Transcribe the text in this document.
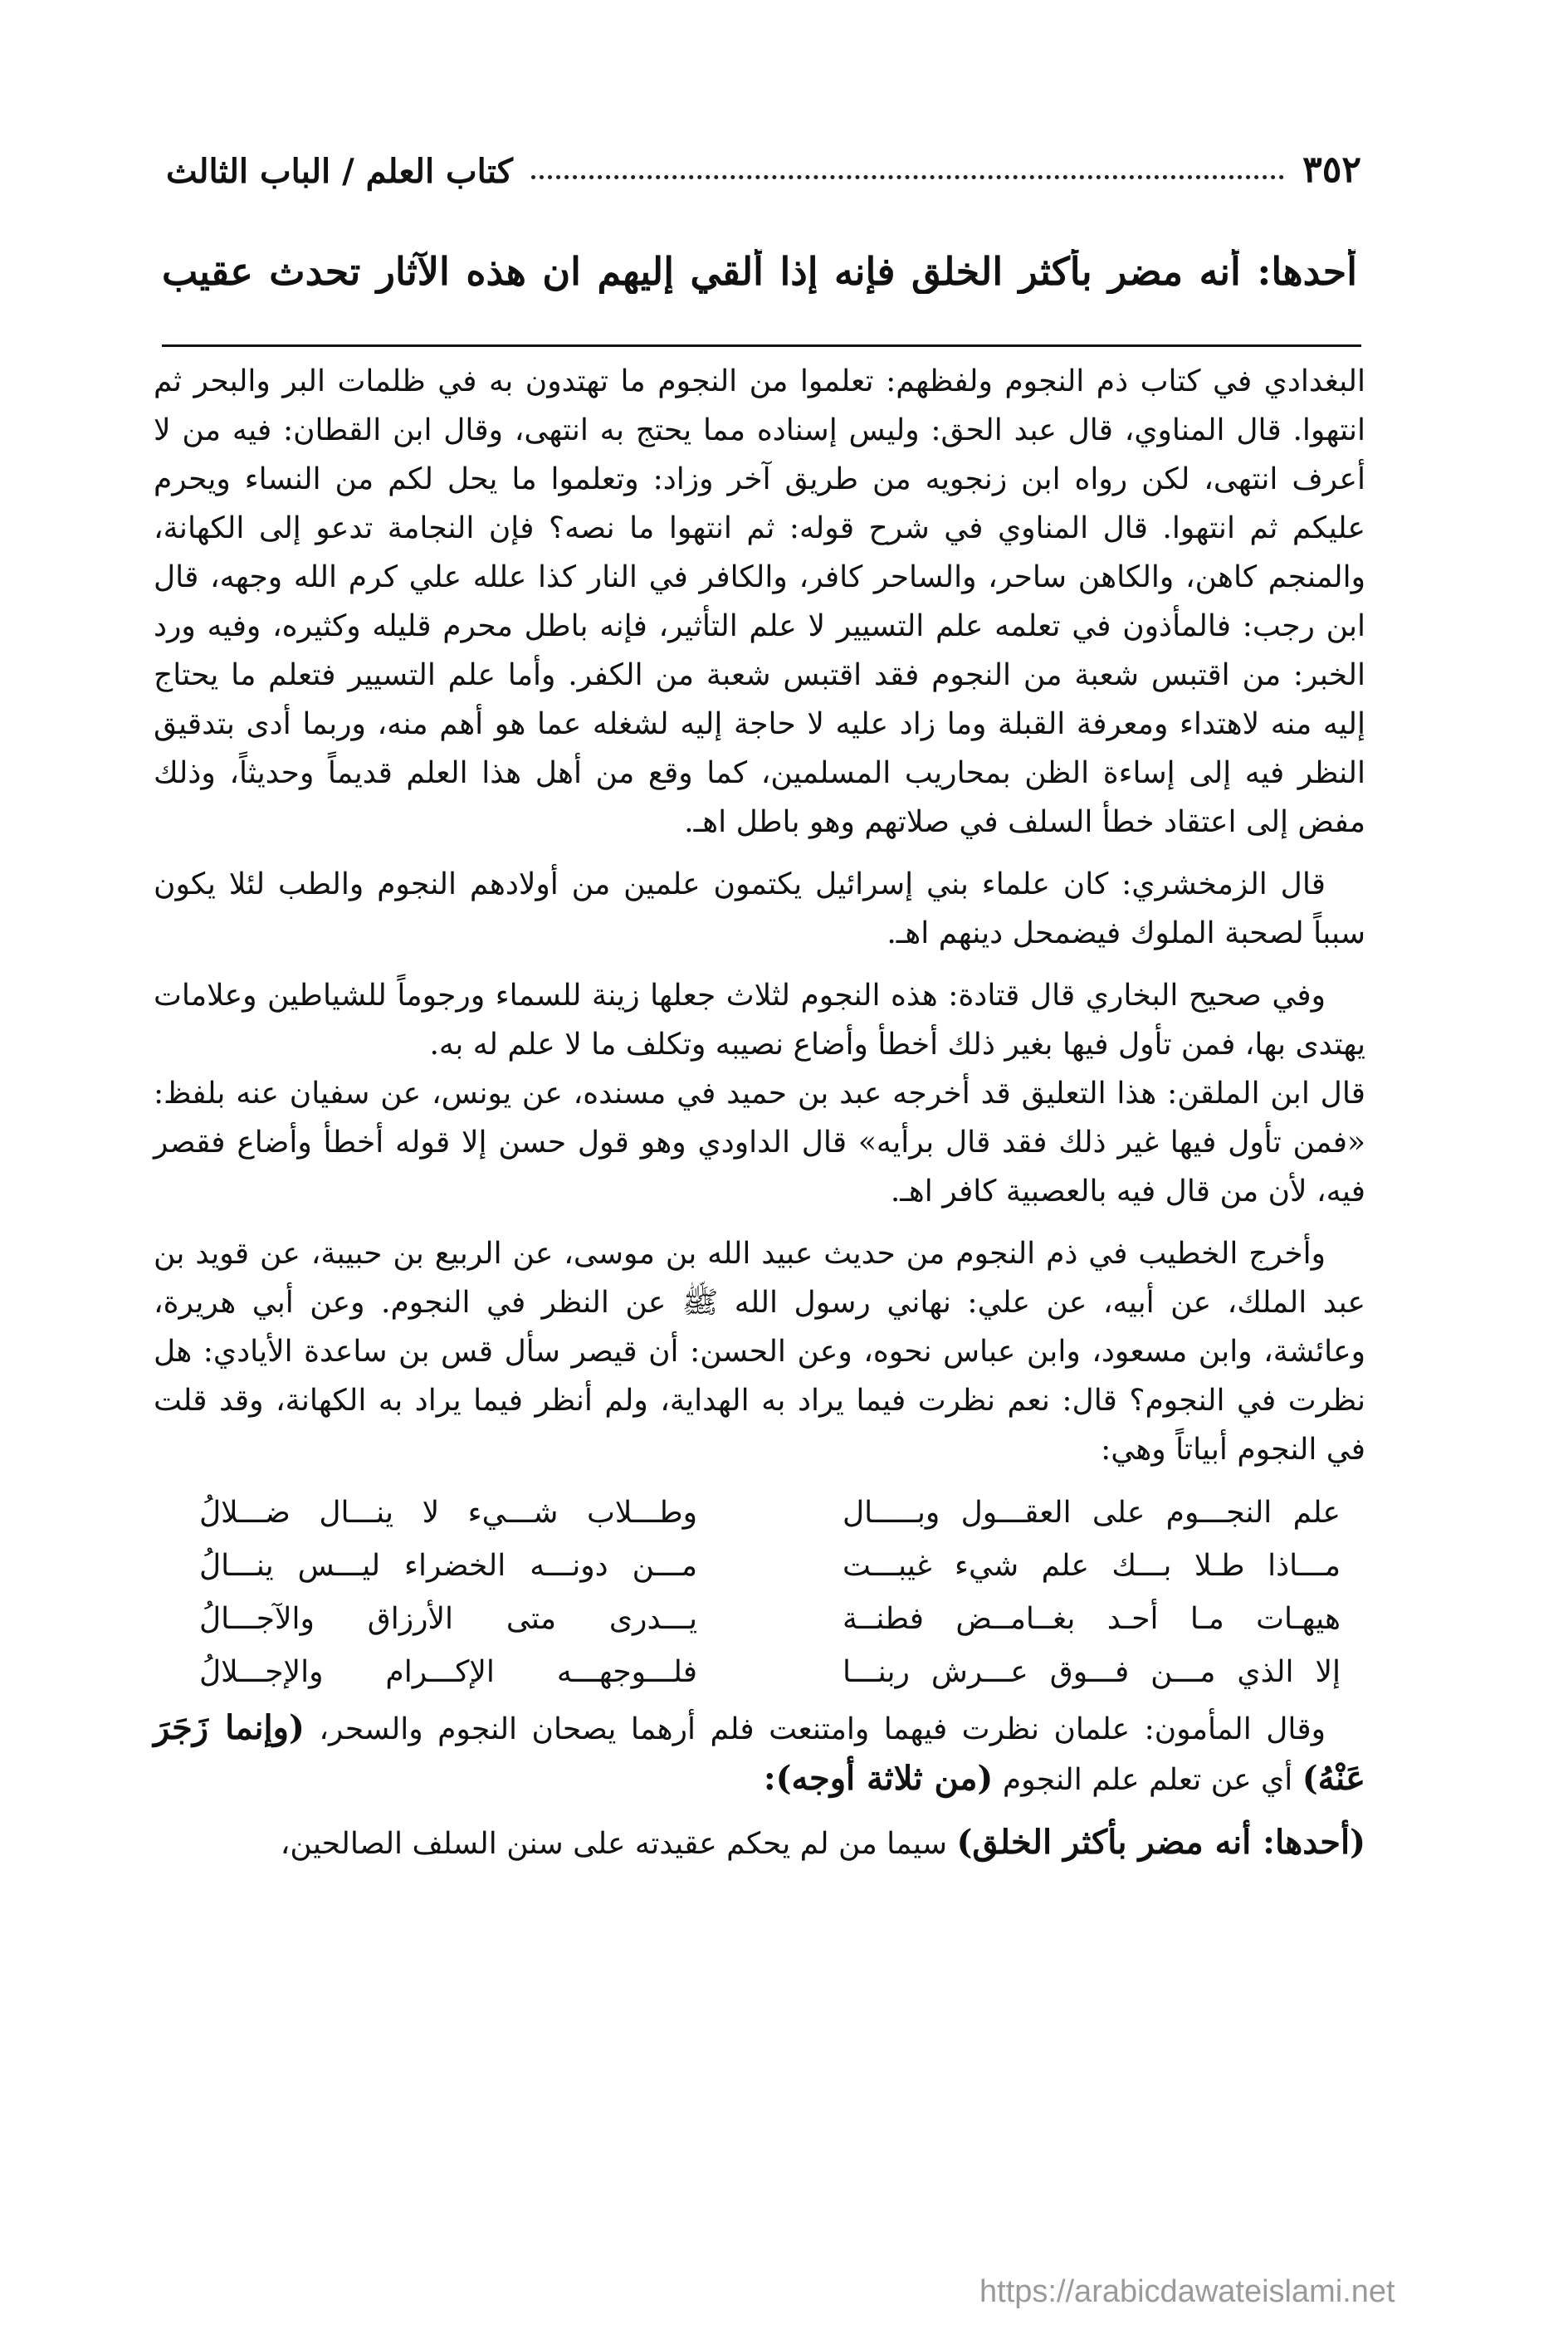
٣٥٢
كتاب العلم / الباب الثالث
أحدها: أنه مضر بأكثر الخلق فإنه إذا أُلقي إليهم ان هذه الآثار تحدث عقيب

البغدادي في كتاب ذم النجوم ولفظهم: تعلموا من النجوم ما تهتدون به في ظلمات البر والبحر ثم انتهوا. قال المناوي، قال عبد الحق: وليس إسناده مما يحتج به انتهى، وقال ابن القطان: فيه من لا أعرف انتهى، لكن رواه ابن زنجويه من طريق آخر وزاد: وتعلموا ما يحل لكم من النساء ويحرم عليكم ثم انتهوا. قال المناوي في شرح قوله: ثم انتهوا ما نصه؟ فإن النجامة تدعو إلى الكهانة، والمنجم كاهن، والكاهن ساحر، والساحر كافر، والكافر في النار كذا علله علي كرم الله وجهه، قال ابن رجب: فالمأذون في تعلمه علم التسيير لا علم التأثير، فإنه باطل محرم قليله وكثيره، وفيه ورد الخبر: من اقتبس شعبة من النجوم فقد اقتبس شعبة من الكفر. وأما علم التسيير فتعلم ما يحتاج إليه منه لاهتداء ومعرفة القبلة وما زاد عليه لا حاجة إليه لشغله عما هو أهم منه، وربما أدى بتدقيق النظر فيه إلى إساءة الظن بمحاريب المسلمين، كما وقع من أهل هذا العلم قديماً وحديثاً، وذلك مفض إلى اعتقاد خطأ السلف في صلاتهم وهو باطل اهـ.

قال الزمخشري: كان علماء بني إسرائيل يكتمون علمين من أولادهم النجوم والطب لئلا يكون سبباً لصحبة الملوك فيضمحل دينهم اهـ.

وفي صحيح البخاري قال قتادة: هذه النجوم لثلاث جعلها زينة للسماء ورجوماً للشياطين وعلامات يهتدى بها، فمن تأول فيها بغير ذلك أخطأ وأضاع نصيبه وتكلف ما لا علم له به.

قال ابن الملقن: هذا التعليق قد أخرجه عبد بن حميد في مسنده، عن يونس، عن سفيان عنه بلفظ: «فمن تأول فيها غير ذلك فقد قال برأيه» قال الداودي وهو قول حسن إلا قوله أخطأ وأضاع فقصر فيه، لأن من قال فيه بالعصبية كافر اهـ.

وأخرج الخطيب في ذم النجوم من حديث عبيد الله بن موسى، عن الربيع بن حبيبة، عن قويد بن عبد الملك، عن أبيه، عن علي: نهاني رسول الله ﷺ عن النظر في النجوم. وعن أبي هريرة، وعائشة، وابن مسعود، وابن عباس نحوه، وعن الحسن: أن قيصر سأل قس بن ساعدة الأيادي: هل نظرت في النجوم؟ قال: نعم نظرت فيما يراد به الهداية، ولم أنظر فيما يراد به الكهانة، وقد قلت في النجوم أبياتاً وهي:

علم النجـــوم على العقـــول وبـــــال
وطـــلاب شـــيء لا ينـــال ضـــلالُ
مـــاذا طـلا بـــك علم شيء غيبـــت
مـــن دونـــه الخضراء ليـــس ينـــالُ
هيهـات مـا أحـد بغــامــض فطنــة
يـــدرى متى الأرزاق والآجـــالُ
إلا الذي مـــن فـــوق عـــرش ربنـــا
فلـــوجهـــه الإكـــرام والإجـــلالُ

وقال المأمون: علمان نظرت فيهما وامتنعت فلم أرهما يصحان النجوم والسحر، (وإنما زَجَرَ عَنْهُ) أي عن تعلم علم النجوم (من ثلاثة أوجه):

(أحدها: أنه مضر بأكثر الخلق) سيما من لم يحكم عقيدته على سنن السلف الصالحين،

https://arabicdawateislami.net
